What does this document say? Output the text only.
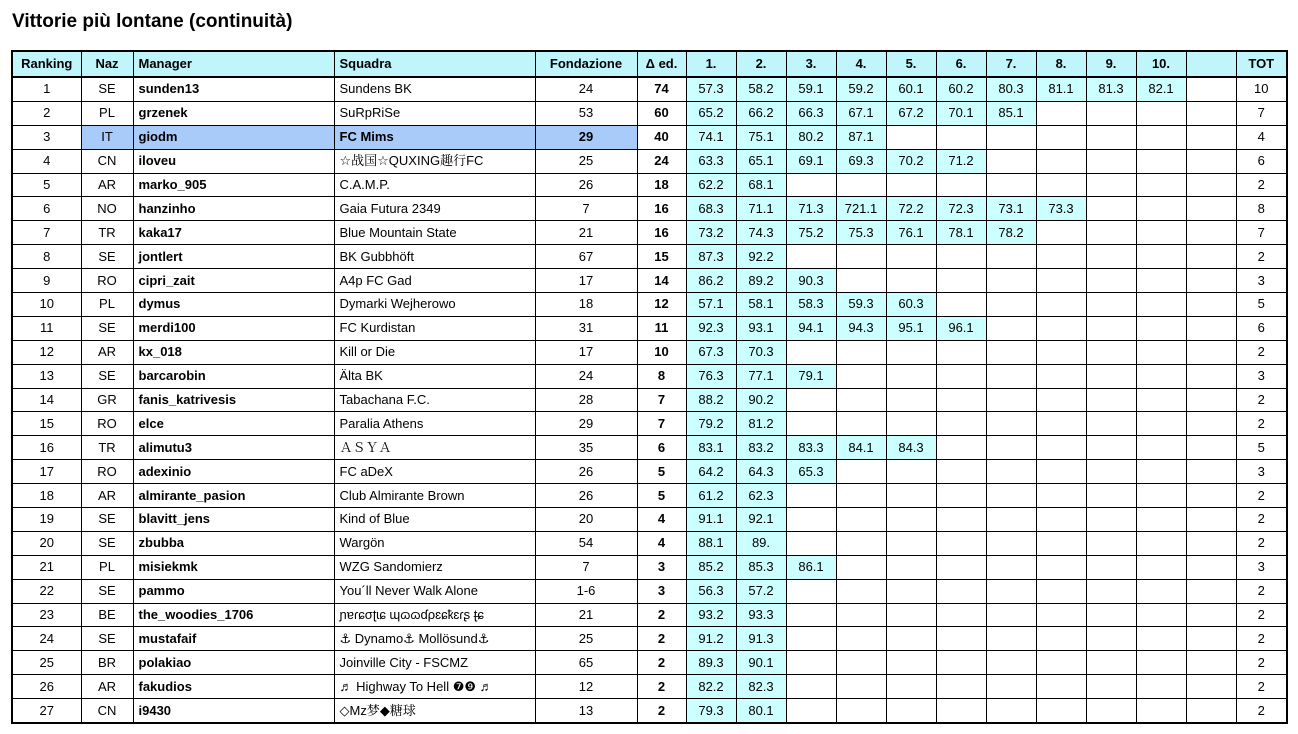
Vittorie più lontane (continuità)
Ranking	Naz	Manager	Squadra	Fondazione	Δ ed.	1.	2.	3.	4.	5.	6.	7.	8.	9.	10.		TOT
1	SE	sunden13	Sundens BK	24	74	57.3	58.2	59.1	59.2	60.1	60.2	80.3	81.1	81.3	82.1		10
2	PL	grzenek	SuRpRiSe	53	60	65.2	66.2	66.3	67.1	67.2	70.1	85.1					7
3	IT	giodm	FC Mims	29	40	74.1	75.1	80.2	87.1								4
4	CN	iloveu	☆战国☆QUXING趣行FC	25	24	63.3	65.1	69.1	69.3	70.2	71.2						6
5	AR	marko_905	C.A.M.P.	26	18	62.2	68.1										2
6	NO	hanzinho	Gaia Futura 2349	7	16	68.3	71.1	71.3	721.1	72.2	72.3	73.1	73.3				8
7	TR	kaka17	Blue Mountain State	21	16	73.2	74.3	75.2	75.3	76.1	78.1	78.2					7
8	SE	jontlert	BK Gubbhöft	67	15	87.3	92.2										2
9	RO	cipri_zait	A4p FC Gad	17	14	86.2	89.2	90.3									3
10	PL	dymus	Dymarki Wejherowo	18	12	57.1	58.1	58.3	59.3	60.3							5
11	SE	merdi100	FC Kurdistan	31	11	92.3	93.1	94.1	94.3	95.1	96.1						6
12	AR	kx_018	Kill or Die	17	10	67.3	70.3										2
13	SE	barcarobin	Älta BK	24	8	76.3	77.1	79.1									3
14	GR	fanis_katrivesis	Tabachana F.C.	28	7	88.2	90.2										2
15	RO	elce	Paralia Athens	29	7	79.2	81.2										2
16	TR	alimutu3	ＡＳＹＡ	35	6	83.1	83.2	83.3	84.1	84.3							5
17	RO	adexinio	FC aDeX	26	5	64.2	64.3	65.3									3
18	AR	almirante_pasion	Club Almirante Brown	26	5	61.2	62.3										2
19	SE	blavitt_jens	Kind of Blue	20	4	91.1	92.1										2
20	SE	zbubba	Wargön	54	4	88.1	89.										2
21	PL	misiekmk	WZG Sandomierz	7	3	85.2	85.3	86.1									3
22	SE	pammo	You´ll Never Walk Alone	1-6	3	56.3	57.2										2
23	BE	the_woodies_1706	ɲɐɾɕσʈɩɕ ɰɷɷɗρɛɕҟɛɾʂ ʈ̶ɕ	21	2	93.2	93.3										2
24	SE	mustafaif	⚓ Dynamo⚓ Mollösund⚓	25	2	91.2	91.3										2
25	BR	polakiao	Joinville City - FSCMZ	65	2	89.3	90.1										2
26	AR	fakudios	♬ Highway To Hell ❼❾ ♬	12	2	82.2	82.3										2
27	CN	i9430	◇Mz梦◆糖球	13	2	79.3	80.1										2
